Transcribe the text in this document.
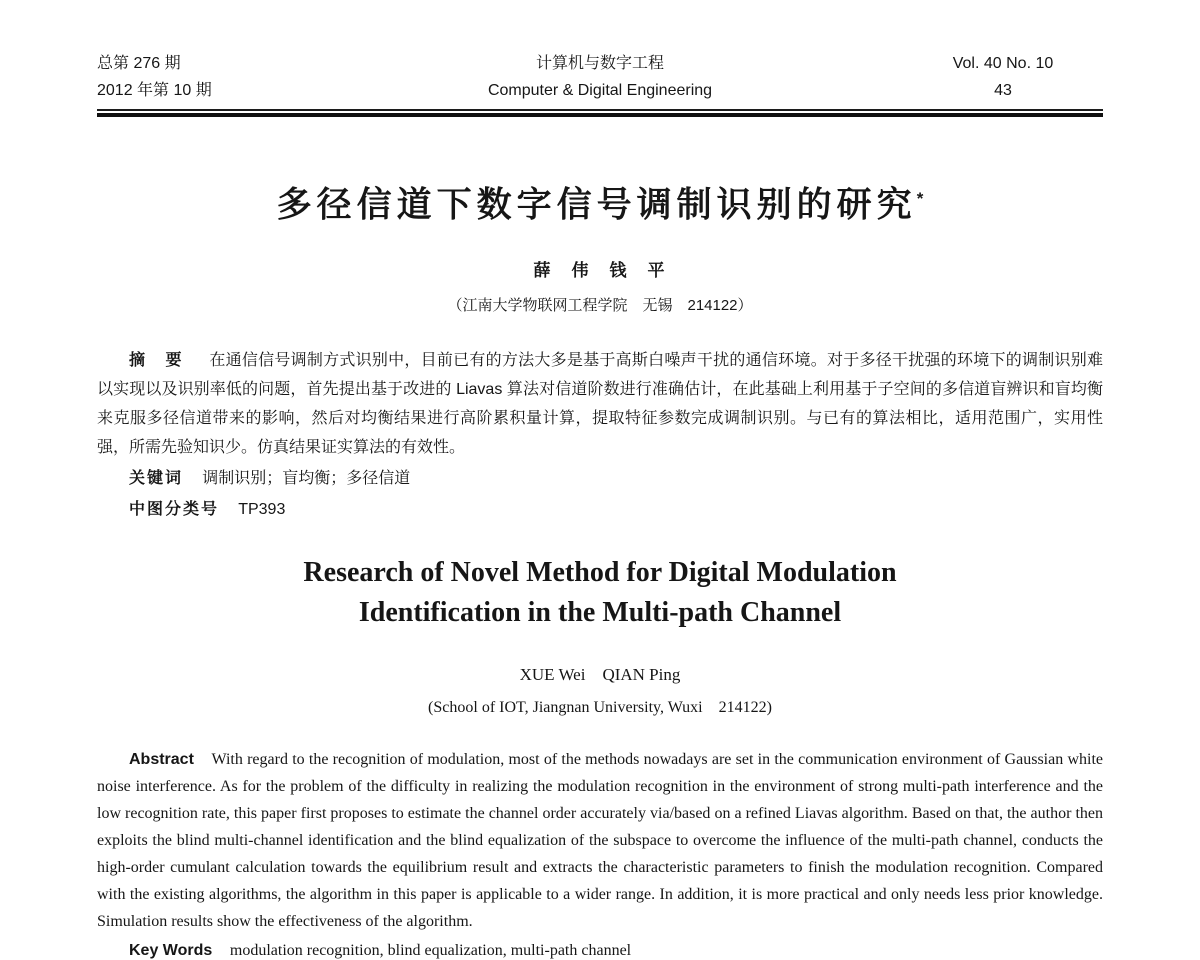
总第 276 期
2012 年第 10 期
计算机与数字工程
Computer & Digital Engineering
Vol. 40 No. 10
43
多径信道下数字信号调制识别的研究*
薛　伟　钱　平
（江南大学物联网工程学院　无锡　214122）

摘　要 在通信信号调制方式识别中，目前已有的方法大多是基于高斯白噪声干扰的通信环境。对于多径干扰强的环境下的调制识别难以实现以及识别率低的问题，首先提出基于改进的 Liavas 算法对信道阶数进行准确估计，在此基础上利用基于子空间的多信道盲辨识和盲均衡来克服多径信道带来的影响，然后对均衡结果进行高阶累积量计算，提取特征参数完成调制识别。与已有的算法相比，适用范围广，实用性强，所需先验知识少。仿真结果证实算法的有效性。

关键词 调制识别；盲均衡；多径信道

中图分类号 TP393

Research of Novel Method for Digital Modulation
Identification in the Multi-path Channel
XUE Wei　QIAN Ping
(School of IOT, Jiangnan University, Wuxi　214122)

Abstract With regard to the recognition of modulation, most of the methods nowadays are set in the communication environment of Gaussian white noise interference. As for the problem of the difficulty in realizing the modulation recognition in the environment of strong multi-path interference and the low recognition rate, this paper first proposes to estimate the channel order accurately via/based on a refined Liavas algorithm. Based on that, the author then exploits the blind multi-channel identification and the blind equalization of the subspace to overcome the influence of the multi-path channel, conducts the high-order cumulant calculation towards the equilibrium result and extracts the characteristic parameters to finish the modulation recognition. Compared with the existing algorithms, the algorithm in this paper is applicable to a wider range. In addition, it is more practical and only needs less prior knowledge. Simulation results show the effectiveness of the algorithm.

Key Words modulation recognition, blind equalization, multi-path channel
